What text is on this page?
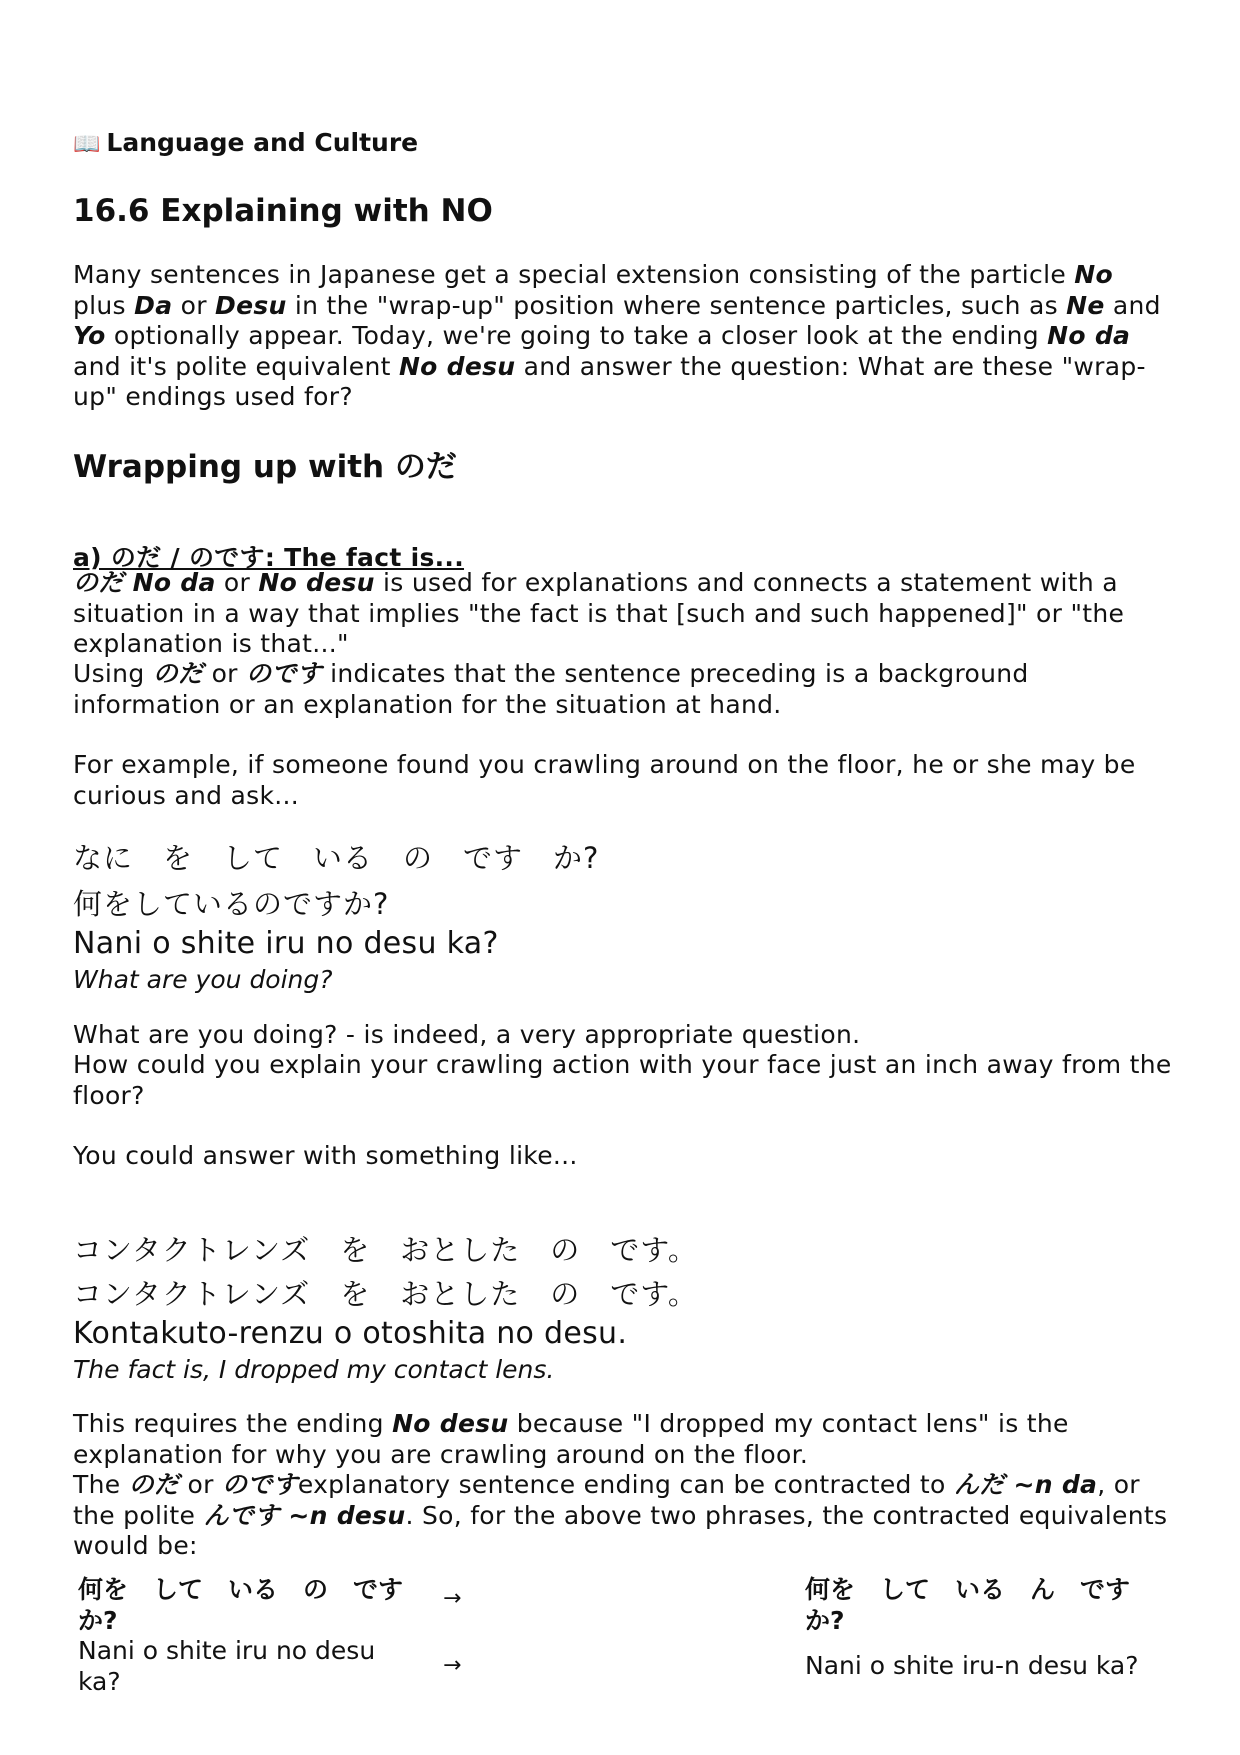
📖 Language and Culture
16.6 Explaining with NO
Many sentences in Japanese get a special extension consisting of the particle No plus Da or Desu in the "wrap-up" position where sentence particles, such as Ne and Yo optionally appear. Today, we're going to take a closer look at the ending No da and it's polite equivalent No desu and answer the question: What are these "wrap-up" endings used for?
Wrapping up with のだ
a) のだ / のです: The fact is...
のだ No da or No desu is used for explanations and connects a statement with a situation in a way that implies "the fact is that [such and such happened]" or "the explanation is that..."
Using のだ or のです indicates that the sentence preceding is a background information or an explanation for the situation at hand.
For example, if someone found you crawling around on the floor, he or she may be curious and ask...
なに　を　して　いる　の　です　か?
何をしているのですか?
Nani o shite iru no desu ka?
What are you doing?
What are you doing? - is indeed, a very appropriate question.
How could you explain your crawling action with your face just an inch away from the floor?
You could answer with something like...
コンタクトレンズ　を　おとした　の　です。
コンタクトレンズ　を　おとした　の　です。
Kontakuto-renzu o otoshita no desu.
The fact is, I dropped my contact lens.
This requires the ending No desu because "I dropped my contact lens" is the explanation for why you are crawling around on the floor.
The のだ or のですexplanatory sentence ending can be contracted to んだ ~n da, or the polite んです ~n desu. So, for the above two phrases, the contracted equivalents would be:
何を　して　いる　の　です　か?
→	何を　して　いる　ん　です　か?
Nani o shite iru no desu ka?
→	Nani o shite iru-n desu ka?
